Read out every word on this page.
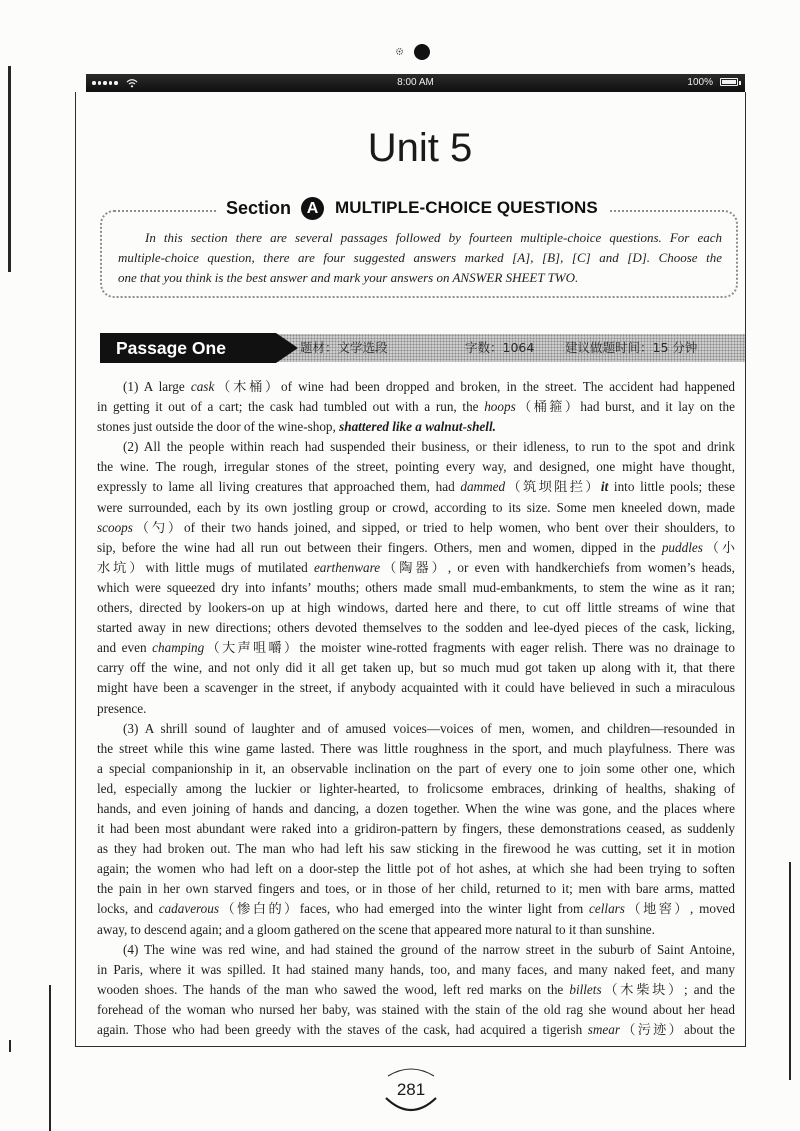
8:00 AM	100%
Unit 5
Section A MULTIPLE-CHOICE QUESTIONS
In this section there are several passages followed by fourteen multiple-choice questions. For each
multiple-choice question, there are four suggested answers marked [A], [B], [C] and [D]. Choose the
one that you think is the best answer and mark your answers on ANSWER SHEET TWO.
Passage One	题材：文学选段	字数：1064 建议做题时间：15 分钟
(1) A large cask（木桶）of wine had been dropped and broken, in the street. The accident had happened
in getting it out of a cart; the cask had tumbled out with a run, the hoops（桶箍）had burst, and it lay on the
stones just outside the door of the wine-shop, shattered like a walnut-shell.
(2) All the people within reach had suspended their business, or their idleness, to run to the spot and drink
the wine. The rough, irregular stones of the street, pointing every way, and designed, one might have thought,
expressly to lame all living creatures that approached them, had dammed（筑坝阻拦）it into little pools; these
were surrounded, each by its own jostling group or crowd, according to its size. Some men kneeled down, made
scoops（勺）of their two hands joined, and sipped, or tried to help women, who bent over their shoulders, to
sip, before the wine had all run out between their fingers. Others, men and women, dipped in the puddles（小
水坑）with little mugs of mutilated earthenware（陶器）, or even with handkerchiefs from women’s heads,
which were squeezed dry into infants’ mouths; others made small mud-embankments, to stem the wine as it ran;
others, directed by lookers-on up at high windows, darted here and there, to cut off little streams of wine that
started away in new directions; others devoted themselves to the sodden and lee-dyed pieces of the cask, licking,
and even champing（大声咀嚼）the moister wine-rotted fragments with eager relish. There was no drainage to
carry off the wine, and not only did it all get taken up, but so much mud got taken up along with it, that there
might have been a scavenger in the street, if anybody acquainted with it could have believed in such a miraculous
presence.
(3) A shrill sound of laughter and of amused voices—voices of men, women, and children—resounded in
the street while this wine game lasted. There was little roughness in the sport, and much playfulness. There was
a special companionship in it, an observable inclination on the part of every one to join some other one, which
led, especially among the luckier or lighter-hearted, to frolicsome embraces, drinking of healths, shaking of
hands, and even joining of hands and dancing, a dozen together. When the wine was gone, and the places where
it had been most abundant were raked into a gridiron-pattern by fingers, these demonstrations ceased, as suddenly
as they had broken out. The man who had left his saw sticking in the firewood he was cutting, set it in motion
again; the women who had left on a door-step the little pot of hot ashes, at which she had been trying to soften
the pain in her own starved fingers and toes, or in those of her child, returned to it; men with bare arms, matted
locks, and cadaverous（惨白的）faces, who had emerged into the winter light from cellars（地窖）, moved
away, to descend again; and a gloom gathered on the scene that appeared more natural to it than sunshine.
(4) The wine was red wine, and had stained the ground of the narrow street in the suburb of Saint Antoine,
in Paris, where it was spilled. It had stained many hands, too, and many faces, and many naked feet, and many
wooden shoes. The hands of the man who sawed the wood, left red marks on the billets（木柴块）; and the
forehead of the woman who nursed her baby, was stained with the stain of the old rag she wound about her head
again. Those who had been greedy with the staves of the cask, had acquired a tigerish smear（污迹）about the
281
